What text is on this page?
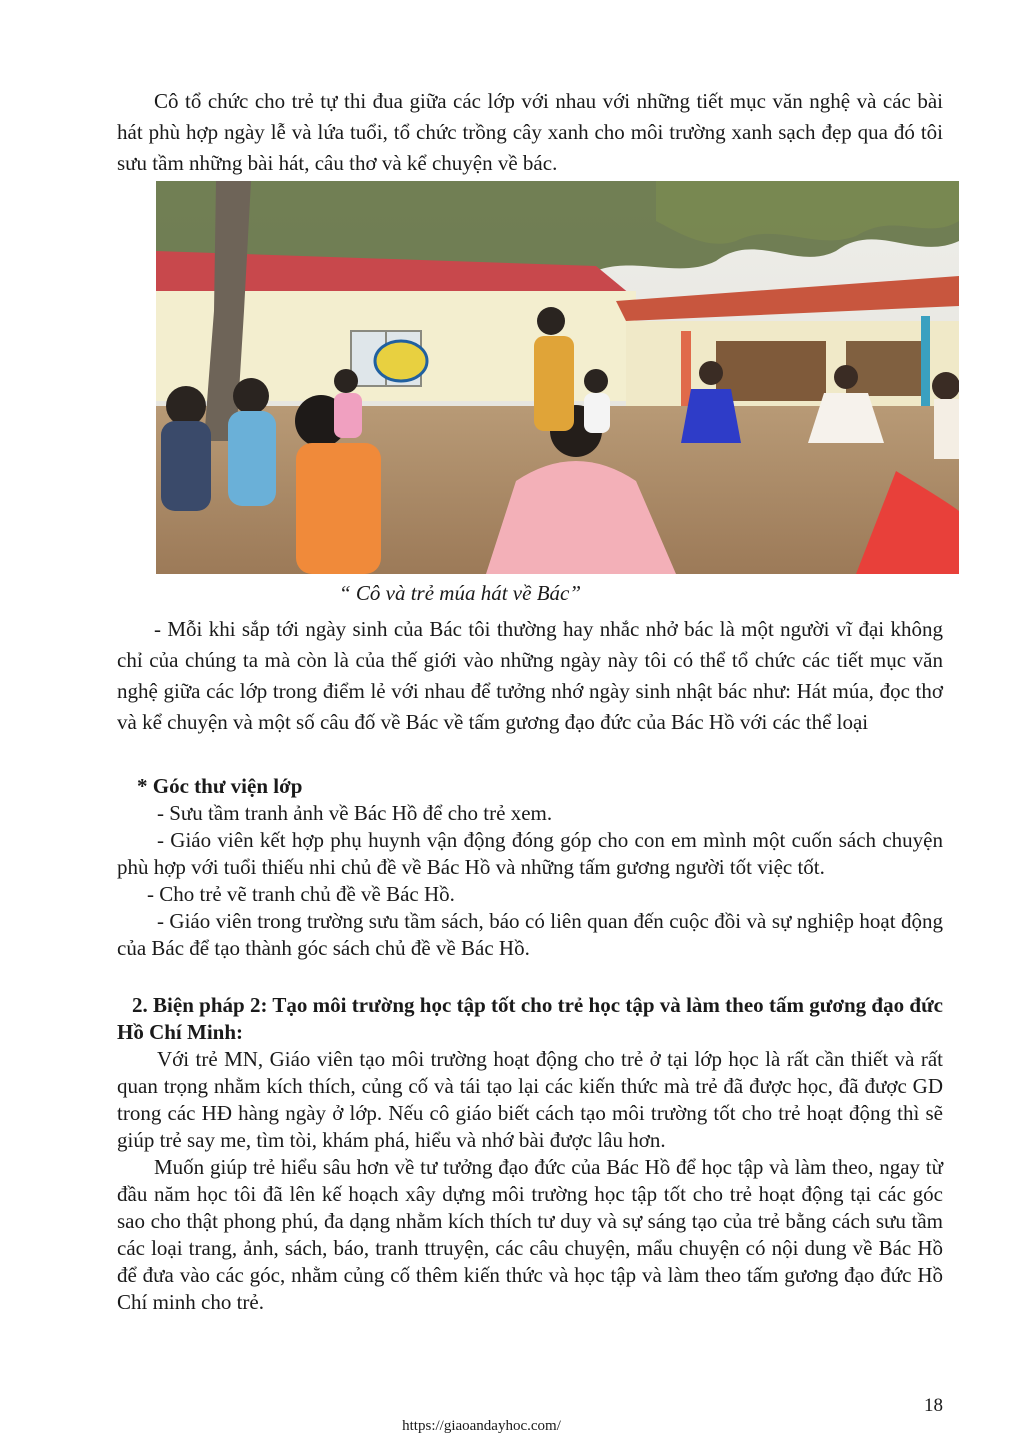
Cô tổ chức cho trẻ tự thi đua giữa các lớp với nhau với những tiết mục văn nghệ và các bài hát phù hợp ngày lễ và lứa tuổi, tổ chức trồng cây xanh cho môi trường xanh sạch đẹp qua đó tôi sưu tầm những bài hát, câu thơ và kể chuyện về bác.

“ Cô và trẻ múa hát về Bác”

- Mỗi khi sắp tới ngày sinh của Bác tôi thường hay nhắc nhở bác là một người vĩ đại không chỉ của chúng ta mà còn là của thế giới vào những ngày này tôi có thể tổ chức các tiết mục văn nghệ giữa các lớp trong điểm lẻ với nhau để tưởng nhớ ngày sinh nhật bác như: Hát múa, đọc thơ và kể chuyện và một số câu đố về Bác về tấm gương đạo đức của Bác Hồ với các thể loại

* Góc thư viện lớp

- Sưu tầm tranh ảnh về Bác Hồ để cho trẻ xem.

- Giáo viên kết hợp phụ huynh vận động đóng góp cho con em mình một cuốn sách chuyện phù hợp với tuổi thiếu nhi chủ đề về Bác Hồ và những tấm gương người tốt việc tốt.

- Cho trẻ vẽ tranh chủ đề về Bác Hồ.

- Giáo viên trong trường sưu tầm sách, báo có liên quan đến cuộc đồi và sự nghiệp hoạt động của Bác để tạo thành góc sách chủ đề về Bác Hồ.

2. Biện pháp 2: Tạo môi trường học tập tốt cho trẻ học tập và làm theo tấm gương đạo đức Hồ Chí Minh:

Với trẻ MN, Giáo viên tạo môi trường hoạt động cho trẻ ở tại lớp học là rất cần thiết và rất quan trọng nhằm kích thích, củng cố và tái tạo lại các kiến thức mà trẻ đã được học, đã được GD trong các HĐ hàng ngày ở lớp. Nếu cô giáo biết cách tạo môi trường tốt cho trẻ hoạt động thì sẽ giúp trẻ say me, tìm tòi, khám phá, hiểu và nhớ bài được lâu hơn.

Muốn giúp trẻ hiểu sâu hơn về tư tưởng đạo đức của Bác Hồ để học tập và làm theo, ngay từ đầu năm học tôi đã lên kế hoạch xây dựng môi trường học tập tốt cho trẻ hoạt động tại các góc sao cho thật phong phú, đa dạng nhằm kích thích tư duy và sự sáng tạo của trẻ bằng cách sưu tầm các loại trang, ảnh, sách, báo, tranh ttruyện, các câu chuyện, mẩu chuyện có nội dung về Bác Hồ để đưa vào các góc, nhằm củng cố thêm kiến thức và học tập và làm theo tấm gương đạo đức Hồ Chí minh cho trẻ.

18
https://giaoandayhoc.com/
